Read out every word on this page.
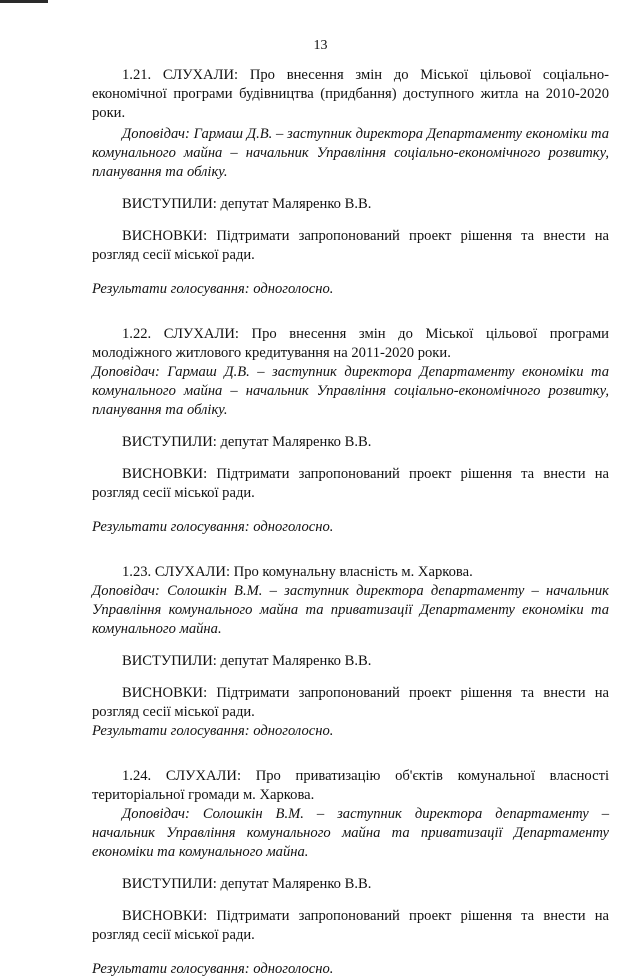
13

1.21. СЛУХАЛИ: Про внесення змін до Міської цільової соціально-економічної програми будівництва (придбання) доступного житла на 2010-2020 роки.

Доповідач: Гармаш Д.В. – заступник директора Департаменту економіки та комунального майна – начальник Управління соціально-економічного розвитку, планування та обліку.

ВИСТУПИЛИ: депутат Маляренко В.В.

ВИСНОВКИ: Підтримати запропонований проект рішення та внести на розгляд сесії міської ради.

Результати голосування: одноголосно.

1.22. СЛУХАЛИ: Про внесення змін до Міської цільової програми молодіжного житлового кредитування на 2011-2020 роки.

Доповідач: Гармаш Д.В. – заступник директора Департаменту економіки та комунального майна – начальник Управління соціально-економічного розвитку, планування та обліку.

ВИСТУПИЛИ: депутат Маляренко В.В.

ВИСНОВКИ: Підтримати запропонований проект рішення та внести на розгляд сесії міської ради.

Результати голосування: одноголосно.

1.23. СЛУХАЛИ: Про комунальну власність м. Харкова.

Доповідач: Солошкін В.М. – заступник директора департаменту – начальник Управління комунального майна та приватизації Департаменту економіки та комунального майна.

ВИСТУПИЛИ: депутат Маляренко В.В.

ВИСНОВКИ: Підтримати запропонований проект рішення та внести на розгляд сесії міської ради.

Результати голосування: одноголосно.

1.24. СЛУХАЛИ: Про приватизацію об'єктів комунальної власності територіальної громади м. Харкова.

Доповідач: Солошкін В.М. – заступник директора департаменту – начальник Управління комунального майна та приватизації Департаменту економіки та комунального майна.

ВИСТУПИЛИ: депутат Маляренко В.В.

ВИСНОВКИ: Підтримати запропонований проект рішення та внести на розгляд сесії міської ради.

Результати голосування: одноголосно.
